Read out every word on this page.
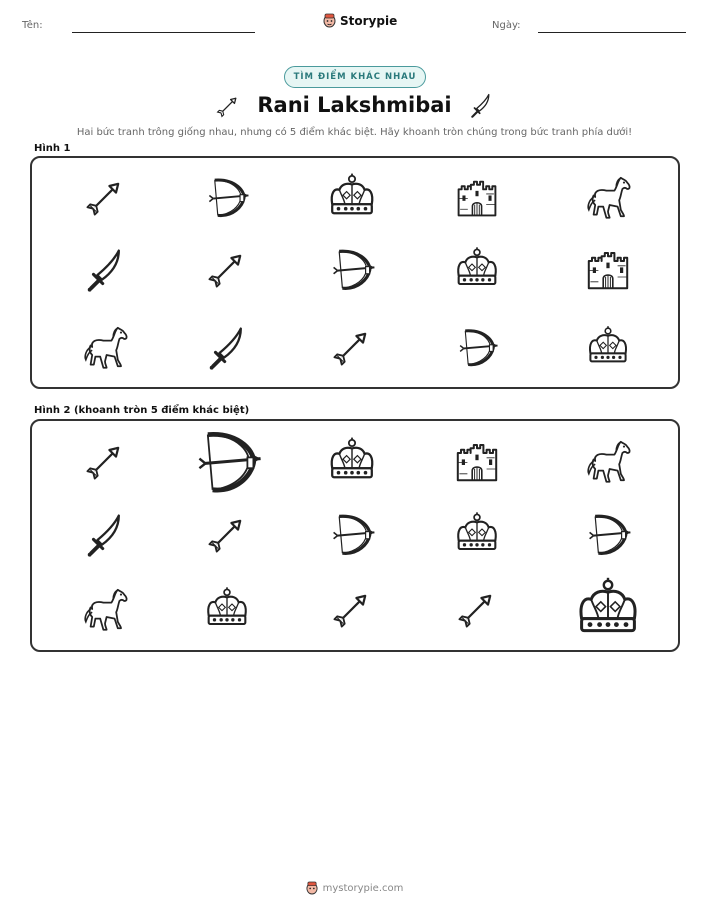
Tên:	Storypie	Ngày:
TÌM ĐIỂM KHÁC NHAU
Rani Lakshmibai
Hai bức tranh trông giống nhau, nhưng có 5 điểm khác biệt. Hãy khoanh tròn chúng trong bức tranh phía dưới!
Hình 1
Hình 2 (khoanh tròn 5 điểm khác biệt)
mystorypie.com
